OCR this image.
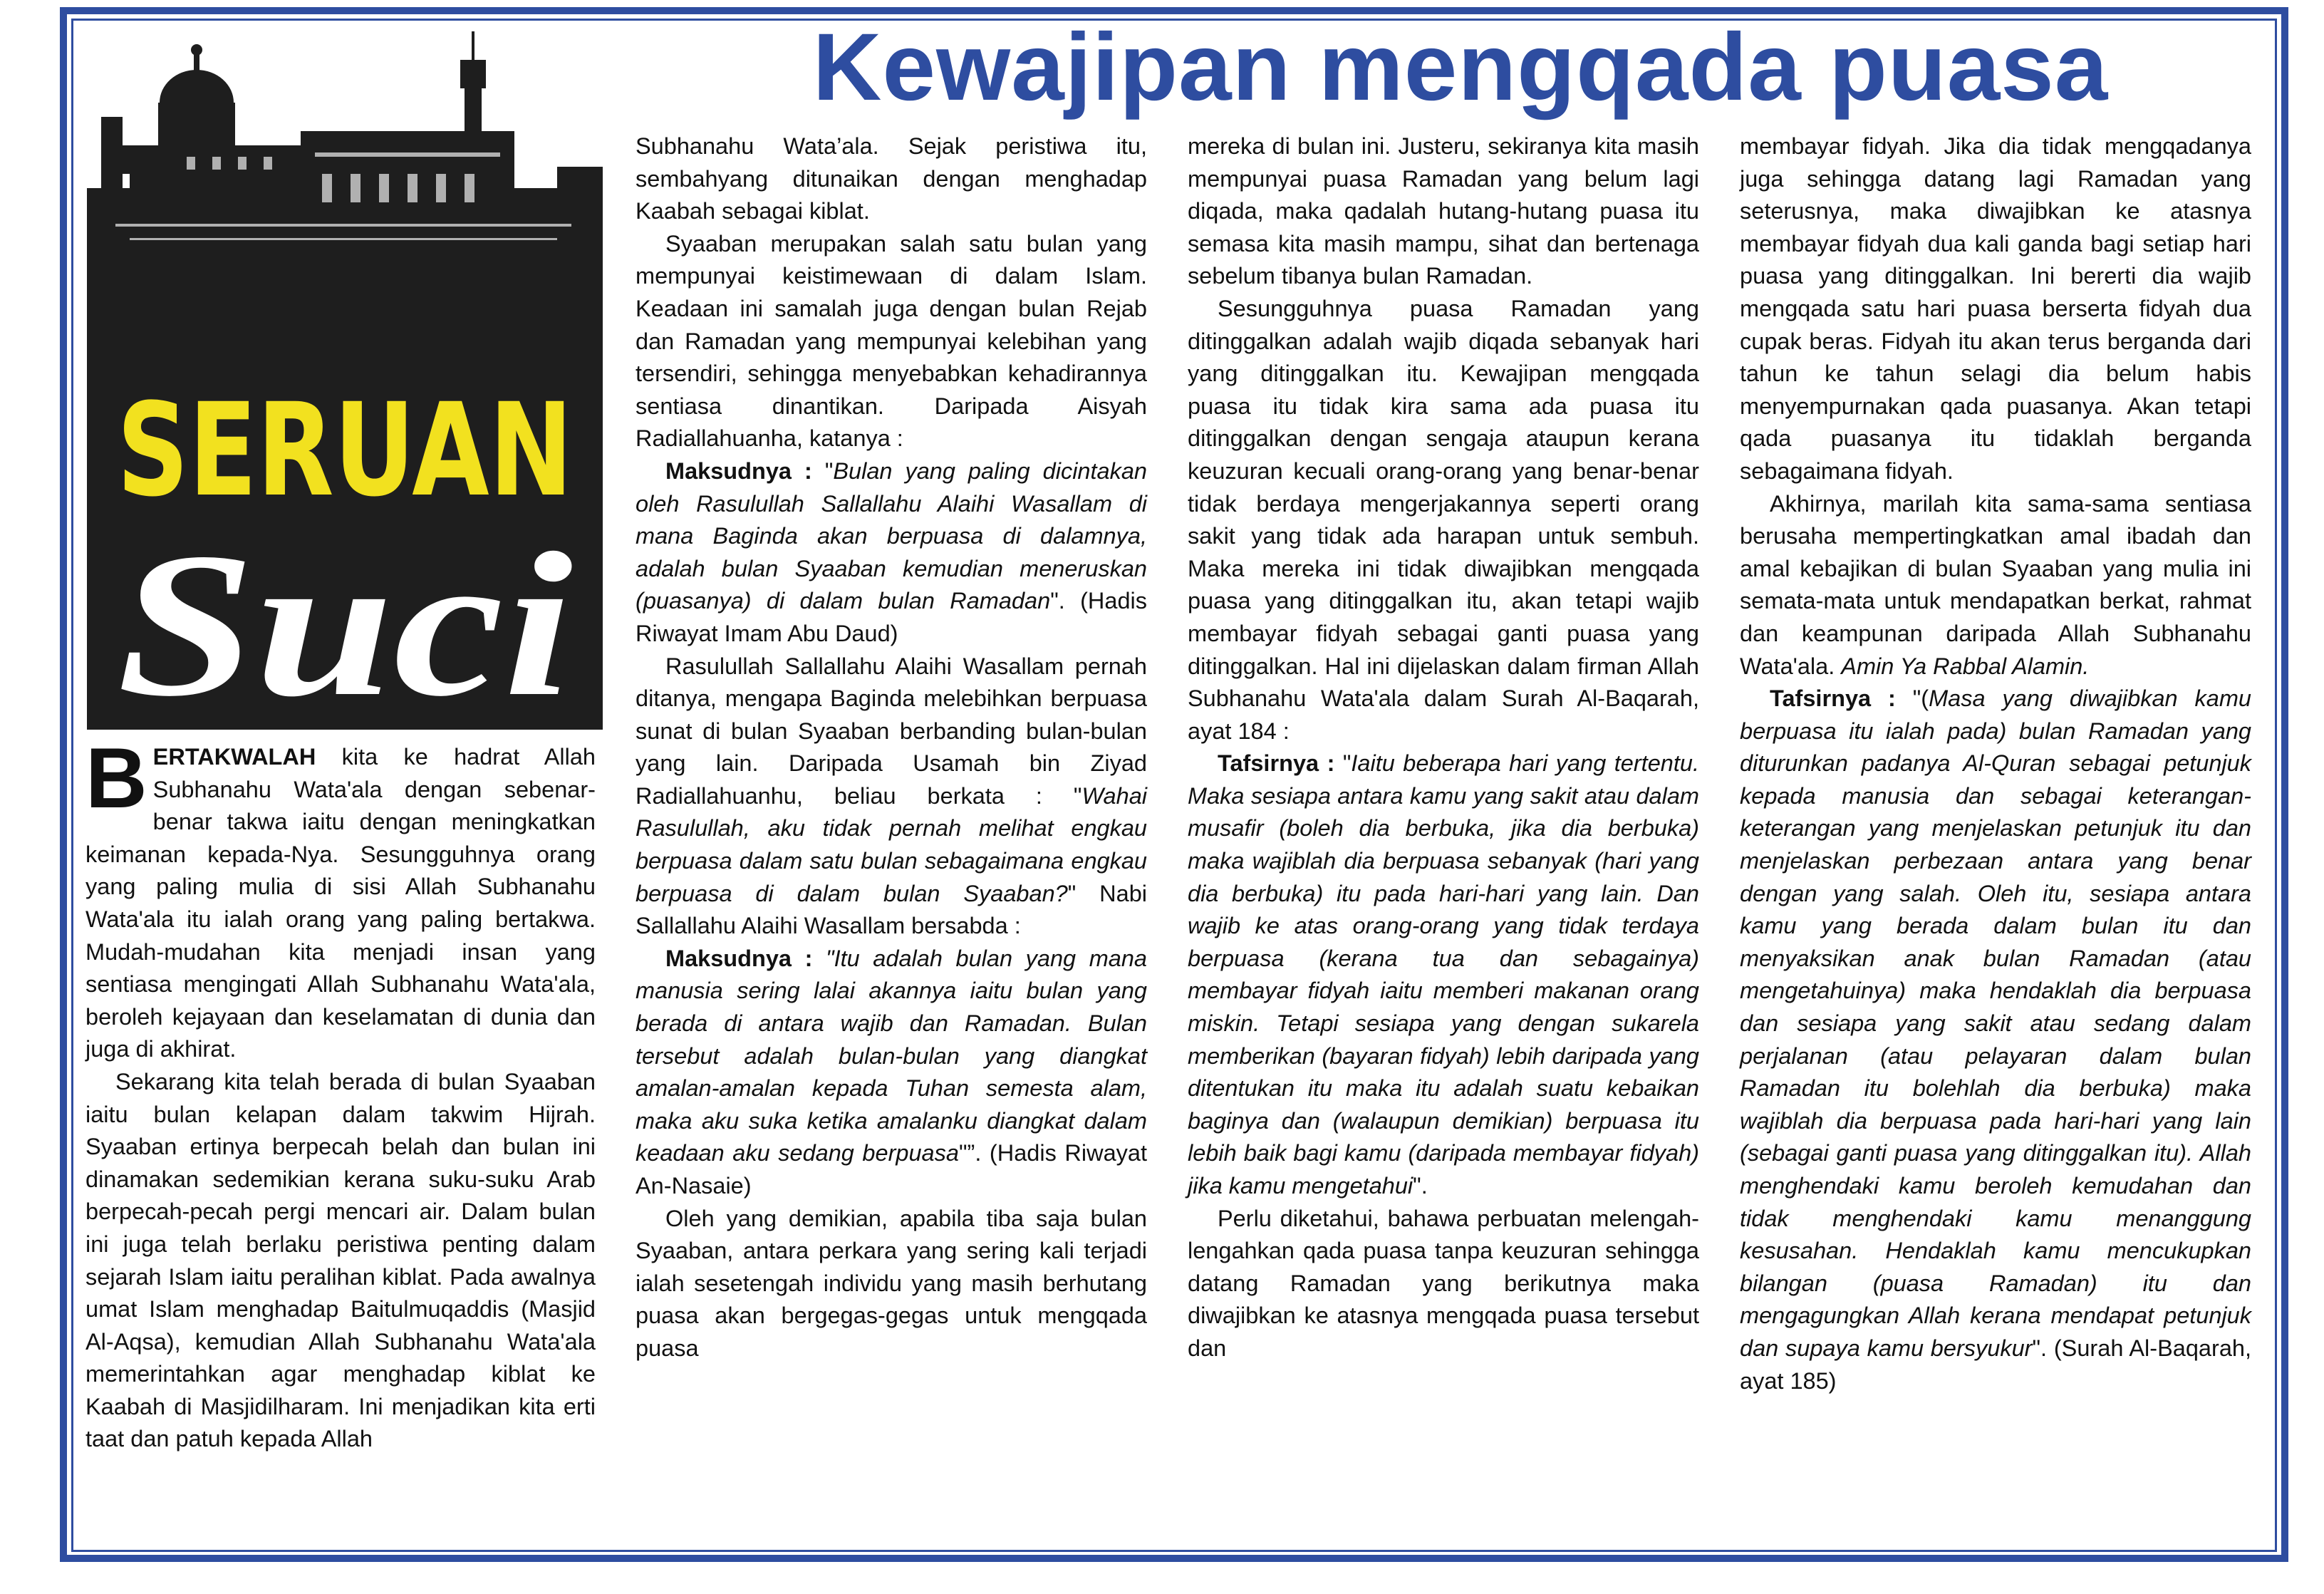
Kewajipan mengqada puasa
SERUAN
Suci

BERTAKWALAH kita ke hadrat Allah Subhanahu Wata'ala dengan sebenar-benar takwa iaitu dengan meningkatkan keimanan kepada-Nya. Sesungguhnya orang yang paling mulia di sisi Allah Subhanahu Wata'ala itu ialah orang yang paling bertakwa. Mudah-mudahan kita menjadi insan yang sentiasa mengingati Allah Subhanahu Wata'ala, beroleh kejayaan dan keselamatan di dunia dan juga di akhirat.

Sekarang kita telah berada di bulan Syaaban iaitu bulan kelapan dalam takwim Hijrah. Syaaban ertinya berpecah belah dan bulan ini dinamakan sedemikian kerana suku-suku Arab berpecah-pecah pergi mencari air. Dalam bulan ini juga telah berlaku peristiwa penting dalam sejarah Islam iaitu peralihan kiblat. Pada awalnya umat Islam menghadap Baitulmuqaddis (Masjid Al-Aqsa), kemudian Allah Subhanahu Wata'ala memerintahkan agar menghadap kiblat ke Kaabah di Masjidilharam. Ini menjadikan kita erti taat dan patuh kepada Allah

Subhanahu Wata’ala. Sejak peristiwa itu, sembahyang ditunaikan dengan menghadap Kaabah sebagai kiblat.

Syaaban merupakan salah satu bulan yang mempunyai keistimewaan di dalam Islam. Keadaan ini samalah juga dengan bulan Rejab dan Ramadan yang mempunyai kelebihan yang tersendiri, sehingga menyebabkan kehadirannya sentiasa dinantikan. Daripada Aisyah Radiallahuanha, katanya :

Maksudnya : "Bulan yang paling dicintakan oleh Rasulullah Sallallahu Alaihi Wasallam di mana Baginda akan berpuasa di dalamnya, adalah bulan Syaaban kemudian meneruskan (puasanya) di dalam bulan Ramadan". (Hadis Riwayat Imam Abu Daud)

Rasulullah Sallallahu Alaihi Wasallam pernah ditanya, mengapa Baginda melebihkan berpuasa sunat di bulan Syaaban berbanding bulan-bulan yang lain. Daripada Usamah bin Ziyad Radiallahuanhu, beliau berkata : "Wahai Rasulullah, aku tidak pernah melihat engkau berpuasa dalam satu bulan sebagaimana engkau berpuasa di dalam bulan Syaaban?" Nabi Sallallahu Alaihi Wasallam bersabda :

Maksudnya : "Itu adalah bulan yang mana manusia sering lalai akannya iaitu bulan yang berada di antara wajib dan Ramadan. Bulan tersebut adalah bulan-bulan yang diangkat amalan-amalan kepada Tuhan semesta alam, maka aku suka ketika amalanku diangkat dalam keadaan aku sedang berpuasa"”. (Hadis Riwayat An-Nasaie)

Oleh yang demikian, apabila tiba saja bulan Syaaban, antara perkara yang sering kali terjadi ialah sesetengah individu yang masih berhutang puasa akan bergegas-gegas untuk mengqada puasa

mereka di bulan ini. Justeru, sekiranya kita masih mempunyai puasa Ramadan yang belum lagi diqada, maka qadalah hutang-hutang puasa itu semasa kita masih mampu, sihat dan bertenaga sebelum tibanya bulan Ramadan.

Sesungguhnya puasa Ramadan yang ditinggalkan adalah wajib diqada sebanyak hari yang ditinggalkan itu. Kewajipan mengqada puasa itu tidak kira sama ada puasa itu ditinggalkan dengan sengaja ataupun kerana keuzuran kecuali orang-orang yang benar-benar tidak berdaya mengerjakannya seperti orang sakit yang tidak ada harapan untuk sembuh. Maka mereka ini tidak diwajibkan mengqada puasa yang ditinggalkan itu, akan tetapi wajib membayar fidyah sebagai ganti puasa yang ditinggalkan. Hal ini dijelaskan dalam firman Allah Subhanahu Wata'ala dalam Surah Al-Baqarah, ayat 184 :

Tafsirnya : "Iaitu beberapa hari yang tertentu. Maka sesiapa antara kamu yang sakit atau dalam musafir (boleh dia berbuka, jika dia berbuka) maka wajiblah dia berpuasa sebanyak (hari yang dia berbuka) itu pada hari-hari yang lain. Dan wajib ke atas orang-orang yang tidak terdaya berpuasa (kerana tua dan sebagainya) membayar fidyah iaitu memberi makanan orang miskin. Tetapi sesiapa yang dengan sukarela memberikan (bayaran fidyah) lebih daripada yang ditentukan itu maka itu adalah suatu kebaikan baginya dan (walaupun demikian) berpuasa itu lebih baik bagi kamu (daripada membayar fidyah) jika kamu mengetahui".

Perlu diketahui, bahawa perbuatan melengah-lengahkan qada puasa tanpa keuzuran sehingga datang Ramadan yang berikutnya maka diwajibkan ke atasnya mengqada puasa tersebut dan

membayar fidyah. Jika dia tidak mengqadanya juga sehingga datang lagi Ramadan yang seterusnya, maka diwajibkan ke atasnya membayar fidyah dua kali ganda bagi setiap hari puasa yang ditinggalkan. Ini bererti dia wajib mengqada satu hari puasa berserta fidyah dua cupak beras. Fidyah itu akan terus berganda dari tahun ke tahun selagi dia belum habis menyempurnakan qada puasanya. Akan tetapi qada puasanya itu tidaklah berganda sebagaimana fidyah.

Akhirnya, marilah kita sama-sama sentiasa berusaha mempertingkatkan amal ibadah dan amal kebajikan di bulan Syaaban yang mulia ini semata-mata untuk mendapatkan berkat, rahmat dan keampunan daripada Allah Subhanahu Wata'ala. Amin Ya Rabbal Alamin.

Tafsirnya : "(Masa yang diwajibkan kamu berpuasa itu ialah pada) bulan Ramadan yang diturunkan padanya Al-Quran sebagai petunjuk kepada manusia dan sebagai keterangan-keterangan yang menjelaskan petunjuk itu dan menjelaskan perbezaan antara yang benar dengan yang salah. Oleh itu, sesiapa antara kamu yang berada dalam bulan itu dan menyaksikan anak bulan Ramadan (atau mengetahuinya) maka hendaklah dia berpuasa dan sesiapa yang sakit atau sedang dalam perjalanan (atau pelayaran dalam bulan Ramadan itu bolehlah dia berbuka) maka wajiblah dia berpuasa pada hari-hari yang lain (sebagai ganti puasa yang ditinggalkan itu). Allah menghendaki kamu beroleh kemudahan dan tidak menghendaki kamu menanggung kesusahan. Hendaklah kamu mencukupkan bilangan (puasa Ramadan) itu dan mengagungkan Allah kerana mendapat petunjuk dan supaya kamu bersyukur". (Surah Al-Baqarah, ayat 185)
